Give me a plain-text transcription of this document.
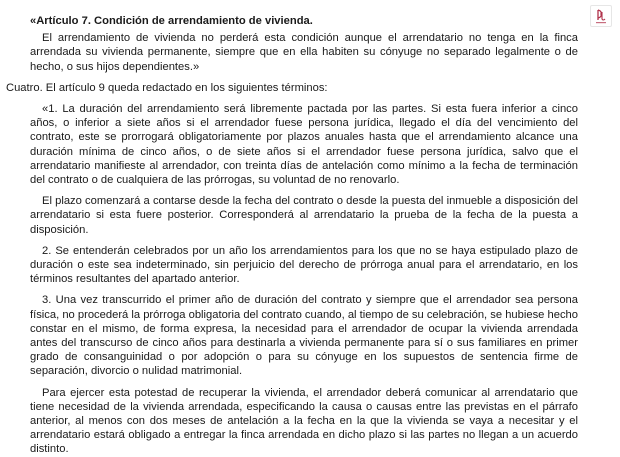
«Artículo 7. Condición de arrendamiento de vivienda.
El arrendamiento de vivienda no perderá esta condición aunque el arrendatario no tenga en la finca arrendada su vivienda permanente, siempre que en ella habiten su cónyuge no separado legalmente o de hecho, o sus hijos dependientes.»
Cuatro. El artículo 9 queda redactado en los siguientes términos:
«1. La duración del arrendamiento será libremente pactada por las partes. Si esta fuera inferior a cinco años, o inferior a siete años si el arrendador fuese persona jurídica, llegado el día del vencimiento del contrato, este se prorrogará obligatoriamente por plazos anuales hasta que el arrendamiento alcance una duración mínima de cinco años, o de siete años si el arrendador fuese persona jurídica, salvo que el arrendatario manifieste al arrendador, con treinta días de antelación como mínimo a la fecha de terminación del contrato o de cualquiera de las prórrogas, su voluntad de no renovarlo.
El plazo comenzará a contarse desde la fecha del contrato o desde la puesta del inmueble a disposición del arrendatario si esta fuere posterior. Corresponderá al arrendatario la prueba de la fecha de la puesta a disposición.
2. Se entenderán celebrados por un año los arrendamientos para los que no se haya estipulado plazo de duración o este sea indeterminado, sin perjuicio del derecho de prórroga anual para el arrendatario, en los términos resultantes del apartado anterior.
3. Una vez transcurrido el primer año de duración del contrato y siempre que el arrendador sea persona física, no procederá la prórroga obligatoria del contrato cuando, al tiempo de su celebración, se hubiese hecho constar en el mismo, de forma expresa, la necesidad para el arrendador de ocupar la vivienda arrendada antes del transcurso de cinco años para destinarla a vivienda permanente para sí o sus familiares en primer grado de consanguinidad o por adopción o para su cónyuge en los supuestos de sentencia firme de separación, divorcio o nulidad matrimonial.
Para ejercer esta potestad de recuperar la vivienda, el arrendador deberá comunicar al arrendatario que tiene necesidad de la vivienda arrendada, especificando la causa o causas entre las previstas en el párrafo anterior, al menos con dos meses de antelación a la fecha en la que la vivienda se vaya a necesitar y el arrendatario estará obligado a entregar la finca arrendada en dicho plazo si las partes no llegan a un acuerdo distinto.
